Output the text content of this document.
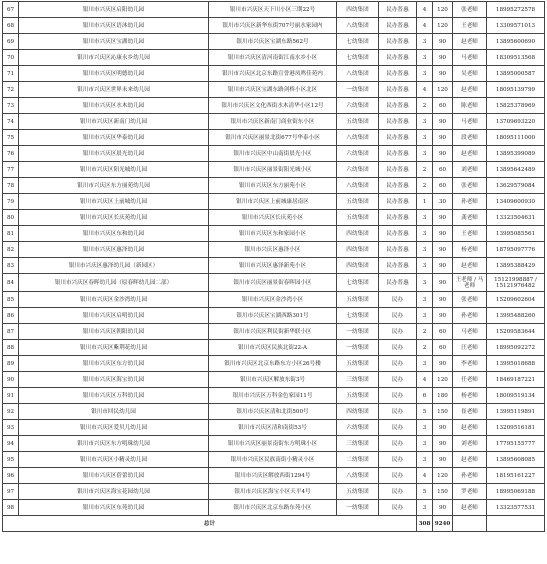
67	银川市兴庆区启阳幼儿园	银川市兴庆区天下川小区三期22号	四幼集团	民办普惠	4	120	张老师	18995272578
68	银川市兴庆区语沐幼儿园	银川市兴庆区新华东街707号丽水家园内	八幼集团	民办普惠	4	120	王老师	13309571013
69	银川市兴庆区宝湖幼儿园	银川市兴庆区宝湖东路562号	七幼集团	民办普惠	3	90	赵老师	13895600690
70	银川市兴庆区沁康永乡幼儿园	银川市兴庆区清河南街江南水乡小区	七幼集团	民办普惠	3	90	马老师	18309513568
71	银川市兴庆区明德幼儿园	银川市兴庆区北京东路宣誉港凤鸣佳苑内	八幼集团	民办普惠	3	90	吴老师	13895000587
72	银川市兴庆区世界未来幼儿园	银川市兴庆区宝湖东路剑桥小区北区	一幼集团	民办普惠	4	120	赵老师	18095139799
73	银川市兴庆区水木幼儿园	银川市兴庆区文化西街水木清华小区12号	六幼集团	民办普惠	2	60	陈老师	15825378969
74	银川市兴庆区新南门幼儿园	银川市兴庆区新南门商业街东小区	五幼集团	民办普惠	3	90	马老师	13709693220
75	银川市兴庆区华泰幼儿园	银川市兴庆区丽景北街677号华泰小区	八幼集团	民办普惠	3	90	段老师	18095111000
76	银川市兴庆区晨光幼儿园	银川市兴庆区中山南街晨光小区	六幼集团	民办普惠	3	90	赵老师	13895399089
77	银川市兴庆区阳光城幼儿园	银川市兴庆区丽景街阳光城小区	六幼集团	民办普惠	2	60	刘老师	13895642489
78	银川市兴庆区东方丽苑幼儿园	银川市兴庆区东方丽苑小区	八幼集团	民办普惠	2	60	张老师	13629579084
79	银川市兴庆区上前城幼儿园	银川市兴庆区上前城康居南区	五幼集团	民办普惠	1	30	孙老师	13409600930
80	银川市兴庆区长庆苑幼儿园	银川市兴庆区长庆苑小区	五幼集团	民办普惠	3	90	龚老师	13323504631
81	银川市兴庆区东和幼儿园	银川市兴庆区东和家园小区	四幼集团	民办普惠	3	90	王老师	13995085561
82	银川市兴庆区惠泽幼儿园	银川市兴庆区惠泽小区	四幼集团	民办普惠	3	90	杨老师	18795097776
83	银川市兴庆区惠泽幼儿园（新园区）	银川市兴庆区惠泽新苑小区	四幼集团	民办普惠	3	90	赵老师	13895388429
84	银川市兴庆区春晖幼儿园（原春晖幼儿园二部）	银川市兴庆区丽景街春晖园小区	七幼集团	民办普惠	3	90	王老师 / 马老师	15121998887 / 15121976482
85	银川市兴庆区金沙湾幼儿园	银川市兴庆区金沙湾小区	五幼集团	民办	3	90	张老师	15209602604
86	银川市兴庆区启明幼儿园	银川市兴庆区宝湖西路301号	七幼集团	民办	3	90	孙老师	13995488260
87	银川市兴庆区朝阳幼儿园	银川市兴庆区利民街新华联小区	一幼集团	民办	2	60	马老师	15209583644
88	银川市兴庆区紫荆花幼儿园	银川市兴庆区民族北街22-A	一幼集团	民办	2	60	汪老师	18995092272
89	银川市兴庆区东方幼儿园	银川市兴庆区北京东路东方小区26号楼	五幼集团	民办	3	90	李老师	13995018688
90	银川市兴庆区海宝幼儿园	银川市兴庆区解放东街3号	三幼集团	民办	4	120	任老师	18469187221
91	银川市兴庆区万科幼儿园	银川市兴庆区万科金色家园11号	五幼集团	民办	6	180	杨老师	18009519134
92	银川市回民幼儿园	银川市兴庆区清和北街500号	四幼集团	民办	5	150	崔老师	13995119891
93	银川市兴庆区爱贝儿幼儿园	银川市兴庆区清和南街53号	六幼集团	民办	3	90	赵老师	13209516181
94	银川市兴庆区东方明珠幼儿园	银川市兴庆区丽景南街东方明珠小区	三幼集团	民办	3	90	刘老师	17795155777
95	银川市兴庆区小精灵幼儿园	银川市兴庆区民族南街小精灵小区	二幼集团	民办	3	90	赵老师	13895608085
96	银川市兴庆区蓓蕾幼儿园	银川市兴庆区解放西街1294号	八幼集团	民办	4	120	孙老师	18195161227
97	银川市兴庆区海宝花园幼儿园	银川市兴庆区海宝小区天平4号	五幼集团	民办	5	150	罗老师	18995069188
98	银川市兴庆区东苑幼儿园	银川市兴庆区北京东路东苑小区	一幼集团	民办	3	90	赵老师	13323577531
总计					308	9240		
